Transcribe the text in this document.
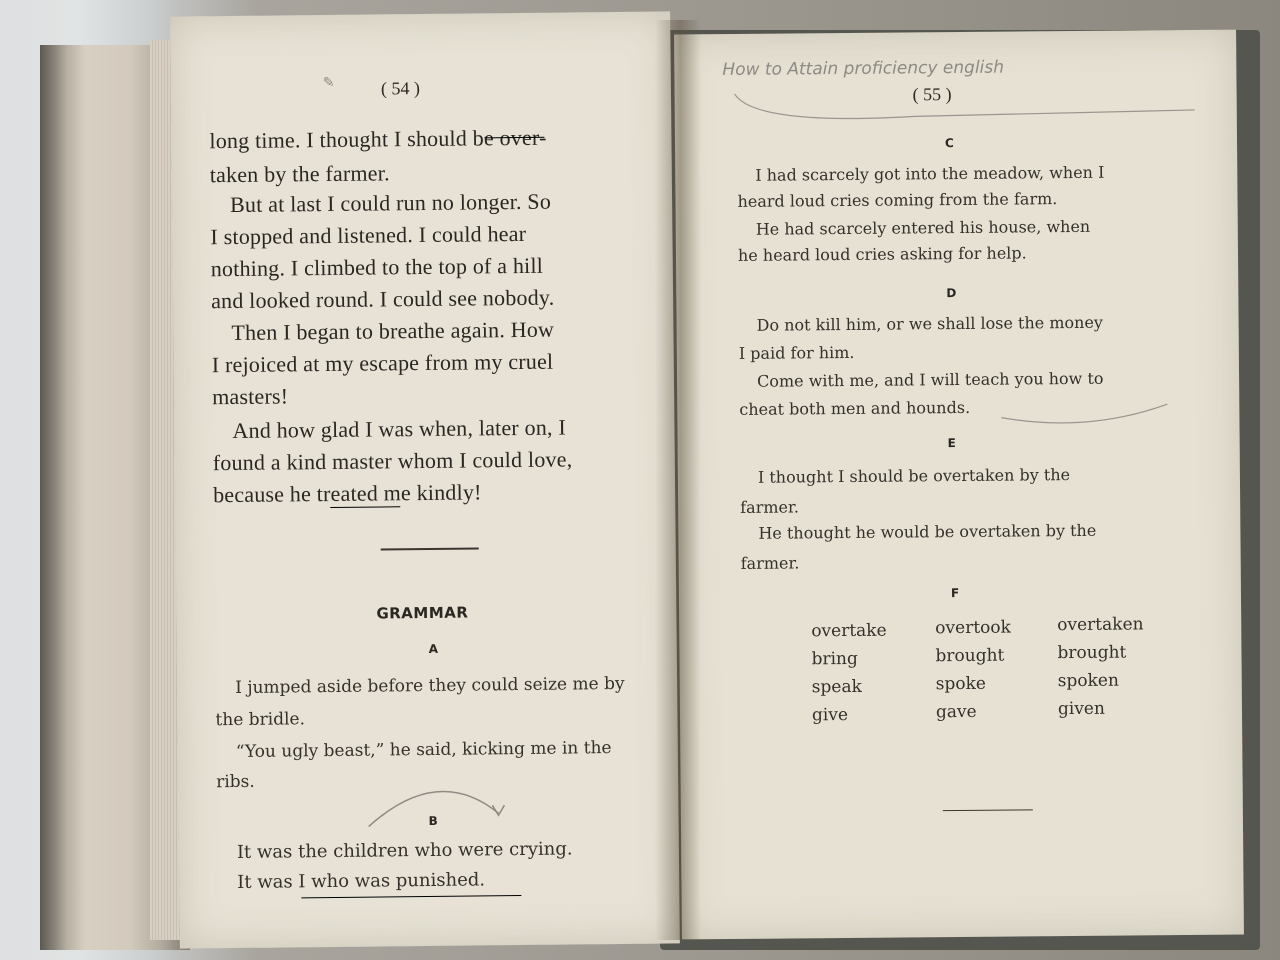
✎	( 54 )
long time. I thought I should be over-
taken by the farmer.
But at last I could run no longer. So
I stopped and listened. I could hear
nothing. I climbed to the top of a hill
and looked round. I could see nobody.
Then I began to breathe again. How
I rejoiced at my escape from my cruel
masters!
And how glad I was when, later on, I
found a kind master whom I could love,
because he treated me kindly!
GRAMMAR
A
I jumped aside before they could seize me by
the bridle.
“You ugly beast,” he said, kicking me in the
ribs.
B
It was the children who were crying.
It was I who was punished.
How to Attain proficiency english
( 55 )
C
I had scarcely got into the meadow, when I
heard loud cries coming from the farm.
He had scarcely entered his house, when
he heard loud cries asking for help.
D
Do not kill him, or we shall lose the money
I paid for him.
Come with me, and I will teach you how to
cheat both men and hounds.
E
I thought I should be overtaken by the
farmer.
He thought he would be overtaken by the
farmer.
F
overtake
bring
speak
give
overtook
brought
spoke
gave
overtaken
brought
spoken
given
